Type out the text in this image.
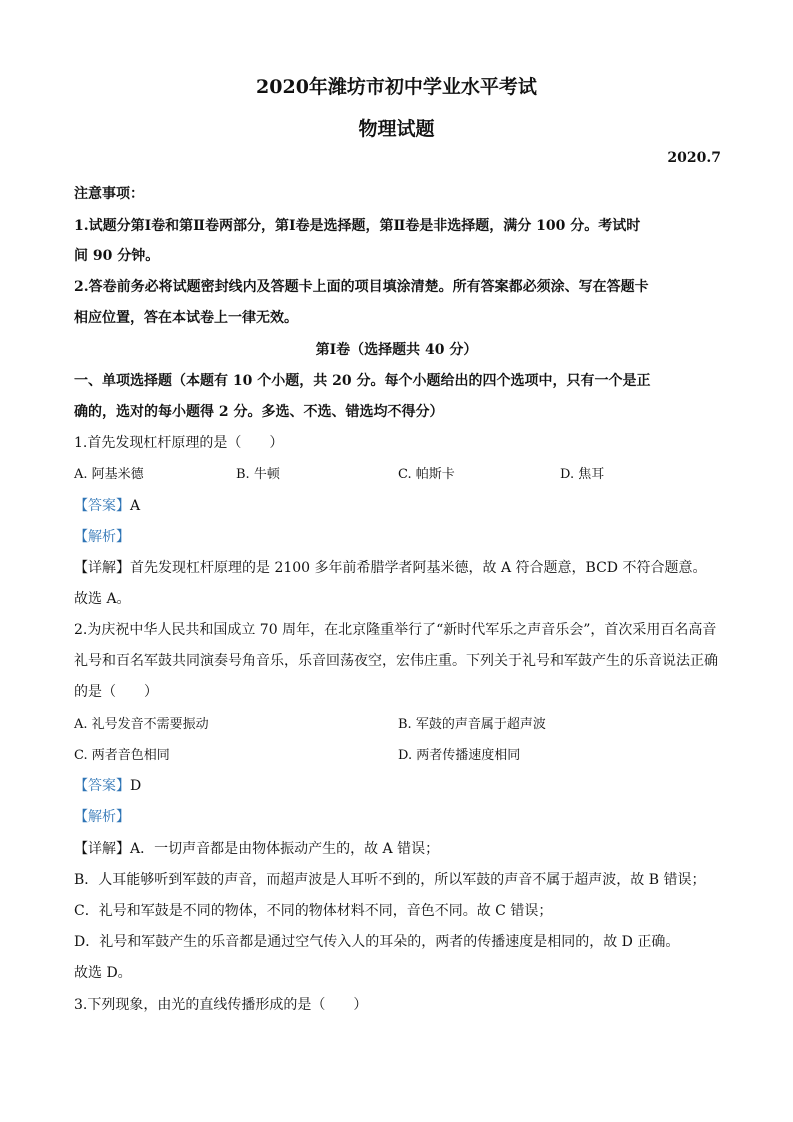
2020年潍坊市初中学业水平考试
物理试题
2020.7
注意事项：
1.试题分第Ⅰ卷和第Ⅱ卷两部分，第Ⅰ卷是选择题，第Ⅱ卷是非选择题，满分 100 分。考试时
间 90 分钟。
2.答卷前务必将试题密封线内及答题卡上面的项目填涂清楚。所有答案都必须涂、写在答题卡
相应位置，答在本试卷上一律无效。
第Ⅰ卷（选择题共 40 分）
一、单项选择题（本题有 10 个小题，共 20 分。每个小题给出的四个选项中，只有一个是正
确的，选对的每小题得 2 分。多选、不选、错选均不得分）
1.首先发现杠杆原理的是（　　）
A. 阿基米德	B. 牛顿	C. 帕斯卡	D. 焦耳
【答案】A
【解析】
【详解】首先发现杠杆原理的是 2100 多年前希腊学者阿基米德，故 A 符合题意，BCD 不符合题意。
故选 A。
2.为庆祝中华人民共和国成立 70 周年，在北京隆重举行了“新时代军乐之声音乐会”，首次采用百名高音
礼号和百名军鼓共同演奏号角音乐，乐音回荡夜空，宏伟庄重。下列关于礼号和军鼓产生的乐音说法正确
的是（　　）
A. 礼号发音不需要振动	B. 军鼓的声音属于超声波
C. 两者音色相同	D. 两者传播速度相同
【答案】D
【解析】
【详解】A．一切声音都是由物体振动产生的，故 A 错误；
B．人耳能够听到军鼓的声音，而超声波是人耳听不到的，所以军鼓的声音不属于超声波，故 B 错误；
C．礼号和军鼓是不同的物体，不同的物体材料不同，音色不同。故 C 错误；
D．礼号和军鼓产生的乐音都是通过空气传入人的耳朵的，两者的传播速度是相同的，故 D 正确。
故选 D。
3.下列现象，由光的直线传播形成的是（　　）
